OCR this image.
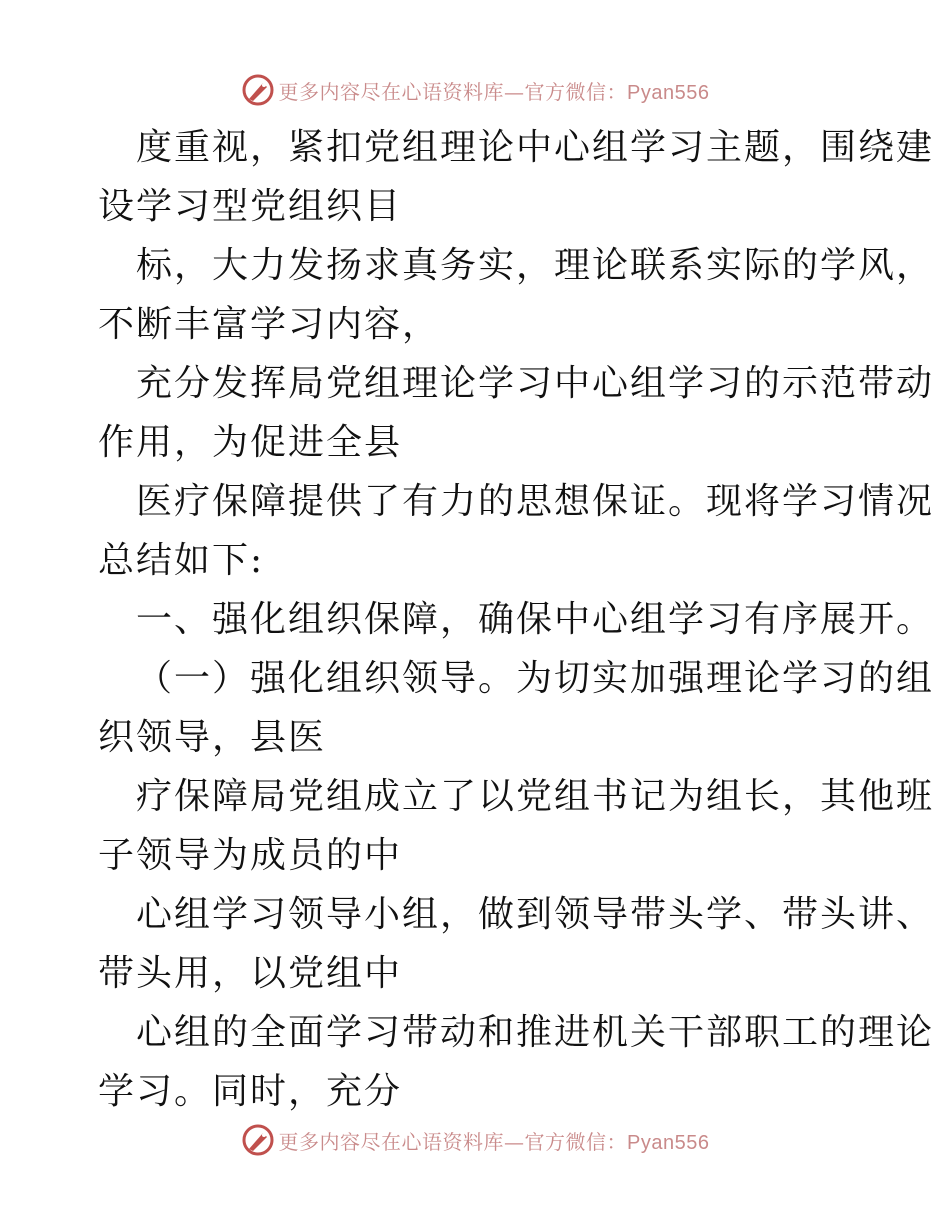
更多内容尽在心语资料库—官方微信：Pyan556
度重视，紧扣党组理论中心组学习主题，围绕建
设学习型党组织目
标，大力发扬求真务实，理论联系实际的学风，
不断丰富学习内容，
充分发挥局党组理论学习中心组学习的示范带动
作用，为促进全县
医疗保障提供了有力的思想保证。现将学习情况
总结如下:
一、强化组织保障，确保中心组学习有序展开。
（一）强化组织领导。为切实加强理论学习的组
织领导，县医
疗保障局党组成立了以党组书记为组长，其他班
子领导为成员的中
心组学习领导小组，做到领导带头学、带头讲、
带头用，以党组中
心组的全面学习带动和推进机关干部职工的理论
学习。同时，充分
更多内容尽在心语资料库—官方微信：Pyan556
